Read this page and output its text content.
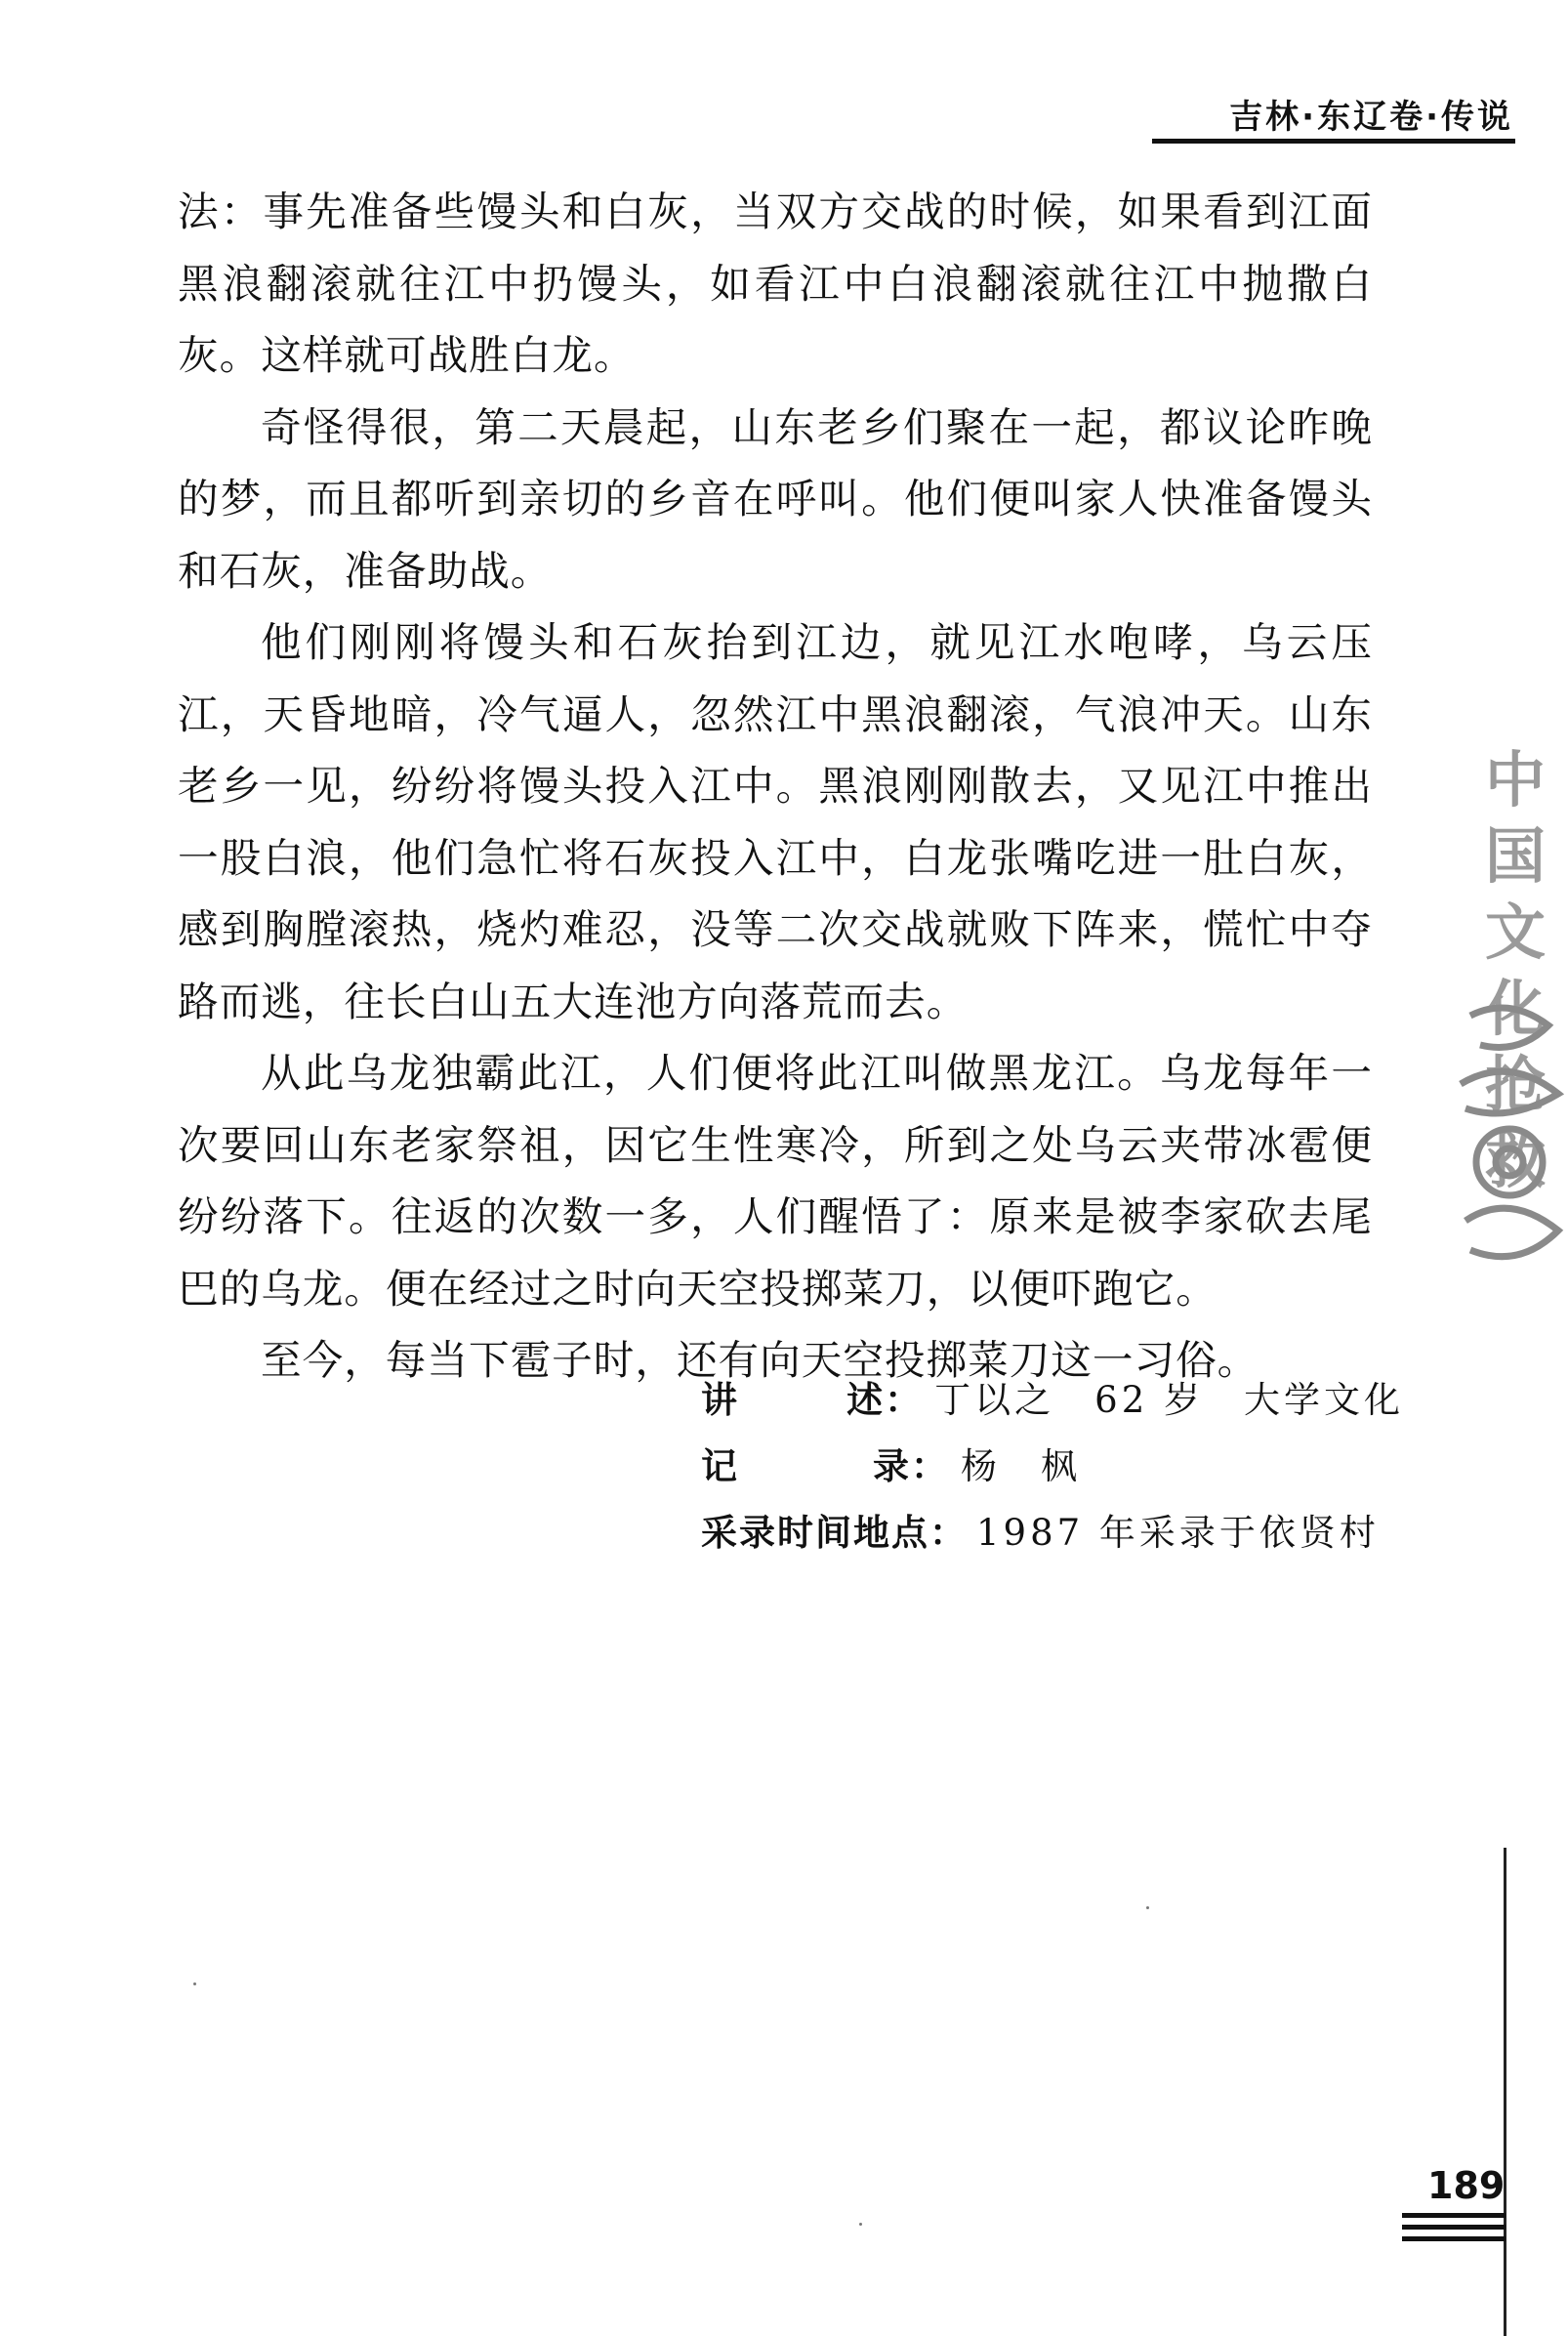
吉林·东辽卷·传说

法：事先准备些馒头和白灰，当双方交战的时候，如果看到江面黑浪翻滚就往江中扔馒头，如看江中白浪翻滚就往江中抛撒白灰。这样就可战胜白龙。

奇怪得很，第二天晨起，山东老乡们聚在一起，都议论昨晚的梦，而且都听到亲切的乡音在呼叫。他们便叫家人快准备馒头和石灰，准备助战。

他们刚刚将馒头和石灰抬到江边，就见江水咆哮，乌云压江，天昏地暗，冷气逼人，忽然江中黑浪翻滚，气浪冲天。山东老乡一见，纷纷将馒头投入江中。黑浪刚刚散去，又见江中推出一股白浪，他们急忙将石灰投入江中，白龙张嘴吃进一肚白灰，感到胸膛滚热，烧灼难忍，没等二次交战就败下阵来，慌忙中夺路而逃，往长白山五大连池方向落荒而去。

从此乌龙独霸此江，人们便将此江叫做黑龙江。乌龙每年一次要回山东老家祭祖，因它生性寒冷，所到之处乌云夹带冰雹便纷纷落下。往返的次数一多，人们醒悟了：原来是被李家砍去尾巴的乌龙。便在经过之时向天空投掷菜刀，以便吓跑它。

至今，每当下雹子时，还有向天空投掷菜刀这一习俗。

讲	述： 丁以之　62 岁　大学文化
记	录： 杨　枫
采录时间地点： 1987 年采录于依贤村
中国文化抢救
189
